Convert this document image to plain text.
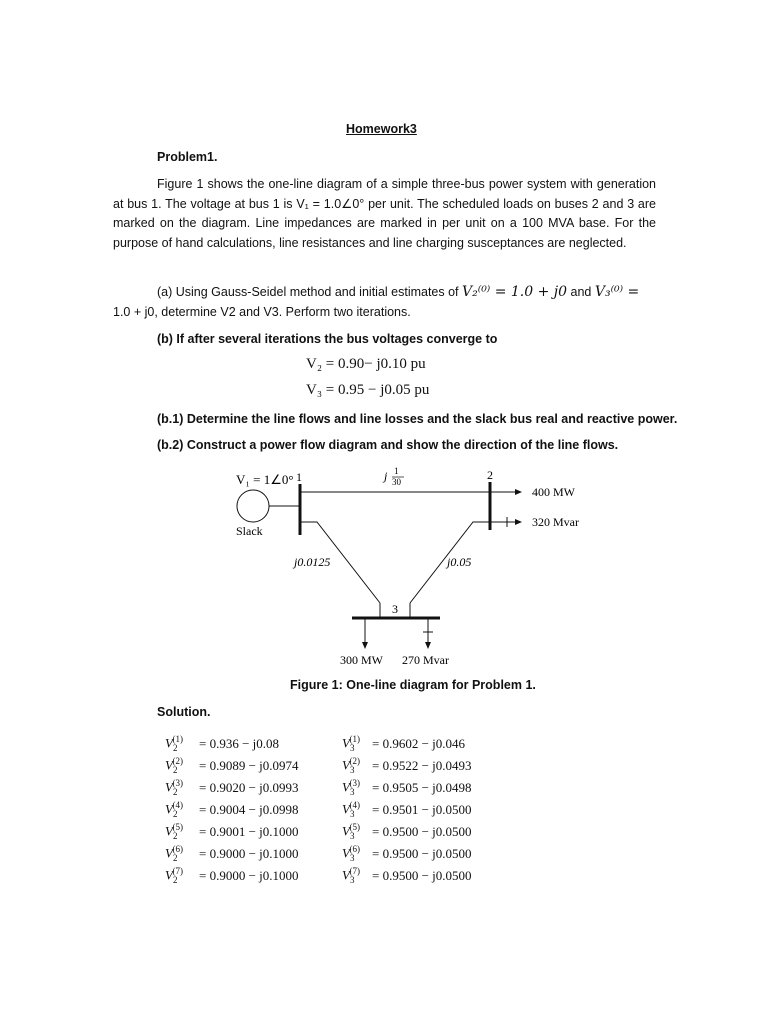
Homework3
Problem1.
Figure 1 shows the one-line diagram of a simple three-bus power system with generation at bus 1. The voltage at bus 1 is V₁ = 1.0∠0° per unit. The scheduled loads on buses 2 and 3 are marked on the diagram. Line impedances are marked in per unit on a 100 MVA base. For the purpose of hand calculations, line resistances and line charging susceptances are neglected.
(a) Using Gauss-Seidel method and initial estimates of V₂⁽⁰⁾ = 1.0 + j0 and V₃⁽⁰⁾ =
1.0 + j0, determine V2 and V3. Perform two iterations.
(b) If after several iterations the bus voltages converge to
V₂ = 0.90− j0.10 pu
V₃ = 0.95 − j0.05 pu
(b.1) Determine the line flows and line losses and the slack bus real and reactive power.
(b.2) Construct a power flow diagram and show the direction of the line flows.
V₁ = 1∠0° 1
Slack
j 1
30	2
400 MW
320 Mvar
j0.0125	j0.05
3
300 MW 270 Mvar
Figure 1: One-line diagram for Problem 1.
Solution.
$V_2^{(1)} = 0.936 - j0.08$
$V_2^{(2)} = 0.9089 - j0.0974$
$V_2^{(3)} = 0.9020 - j0.0993$
$V_2^{(4)} = 0.9004 - j0.0998$
$V_2^{(5)} = 0.9001 - j0.1000$
$V_2^{(6)} = 0.9000 - j0.1000$
$V_2^{(7)} = 0.9000 - j0.1000$
$V_3^{(1)} = 0.9602 - j0.046$
$V_3^{(2)} = 0.9522 - j0.0493$
$V_3^{(3)} = 0.9505 - j0.0498$
$V_3^{(4)} = 0.9501 - j0.0500$
$V_3^{(5)} = 0.9500 - j0.0500$
$V_3^{(6)} = 0.9500 - j0.0500$
$V_3^{(7)} = 0.9500 - j0.0500$
